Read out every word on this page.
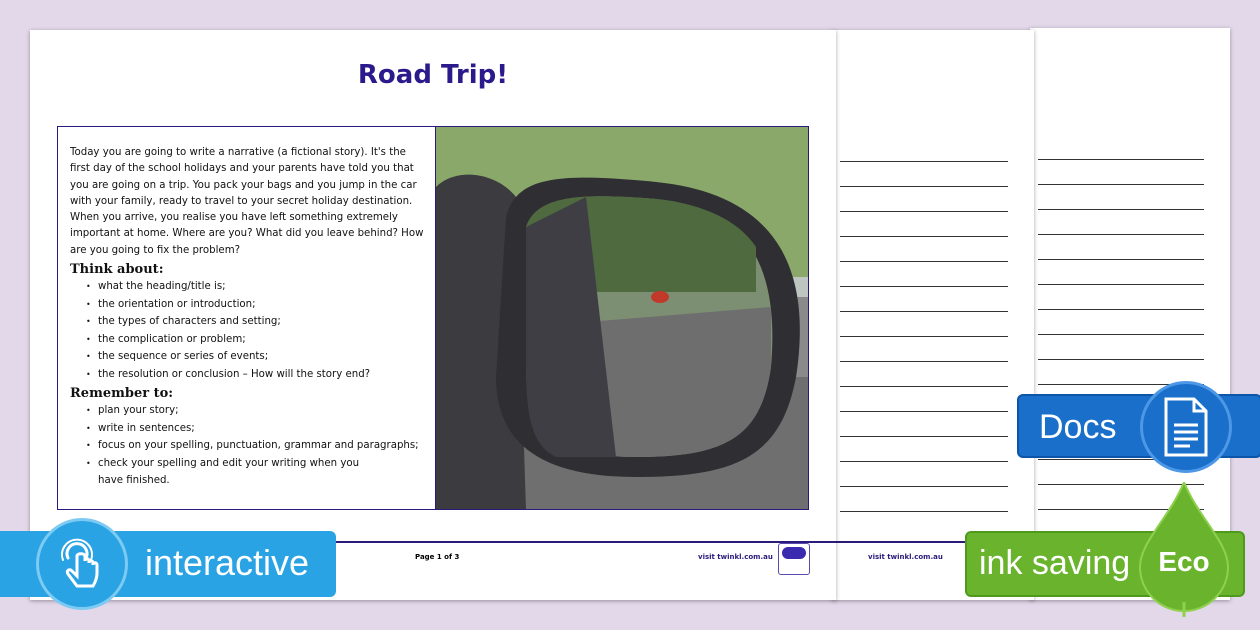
visit twinkl.com.au
Road Trip!

Today you are going to write a narrative (a fictional story). It's the first day of the school holidays and your parents have told you that you are going on a trip. You pack your bags and you jump in the car with your family, ready to travel to your secret holiday destination. When you arrive, you realise you have left something extremely important at home. Where are you? What did you leave behind? How are you going to fix the problem?

Think about:
• what the heading/title is;
• the orientation or introduction;
• the types of characters and setting;
• the complication or problem;
• the sequence or series of events;
• the resolution or conclusion – How will the story end?
Remember to:
• plan your story;
• write in sentences;
• focus on your spelling, punctuation, grammar and paragraphs;
• check your spelling and edit your writing when you have finished.
Page 1 of 3	visit twinkl.com.au
interactive
Docs
ink saving	Eco
